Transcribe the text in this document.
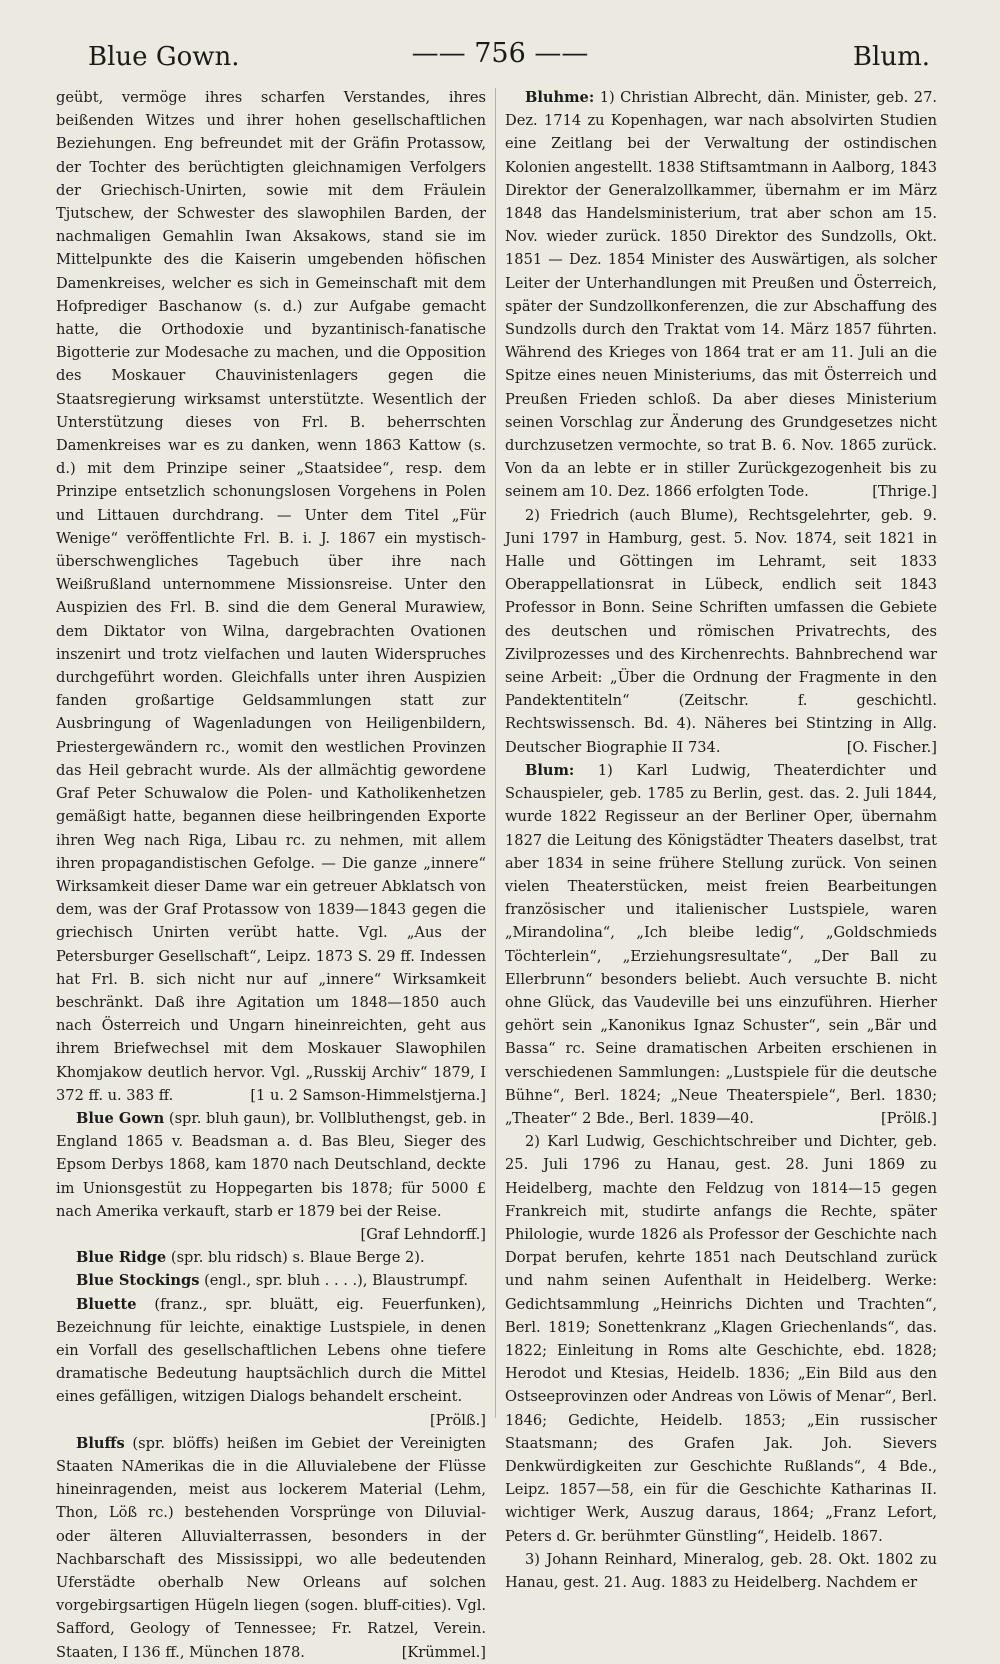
Blue Gown.	—— 756 ——	Blum.

geübt, vermöge ihres scharfen Verstandes, ihres beißenden Witzes und ihrer hohen gesellschaftlichen Beziehungen. Eng befreundet mit der Gräfin Protassow, der Tochter des berüchtigten gleichnamigen Verfolgers der Griechisch-Unirten, sowie mit dem Fräulein Tjutschew, der Schwester des slawophilen Barden, der nachmaligen Gemahlin Iwan Aksakows, stand sie im Mittelpunkte des die Kaiserin umgebenden höfischen Damenkreises, welcher es sich in Gemeinschaft mit dem Hofprediger Baschanow (s. d.) zur Aufgabe gemacht hatte, die Orthodoxie und byzantinisch-fanatische Bigotterie zur Modesache zu machen, und die Opposition des Moskauer Chauvinistenlagers gegen die Staatsregierung wirksamst unterstützte. Wesentlich der Unterstützung dieses von Frl. B. beherrschten Damenkreises war es zu danken, wenn 1863 Kattow (s. d.) mit dem Prinzipe seiner „Staatsidee“, resp. dem Prinzipe entsetzlich schonungslosen Vorgehens in Polen und Littauen durchdrang. — Unter dem Titel „Für Wenige“ veröffentlichte Frl. B. i. J. 1867 ein mystisch-überschwengliches Tagebuch über ihre nach Weißrußland unternommene Missionsreise. Unter den Auspizien des Frl. B. sind die dem General Murawiew, dem Diktator von Wilna, dargebrachten Ovationen inszenirt und trotz vielfachen und lauten Widerspruches durchgeführt worden. Gleichfalls unter ihren Auspizien fanden großartige Geldsammlungen statt zur Ausbringung of Wagenladungen von Heiligenbildern, Priestergewändern rc., womit den westlichen Provinzen das Heil gebracht wurde. Als der allmächtig gewordene Graf Peter Schuwalow die Polen- und Katholikenhetzen gemäßigt hatte, begannen diese heilbringenden Exporte ihren Weg nach Riga, Libau rc. zu nehmen, mit allem ihren propagandistischen Gefolge. — Die ganze „innere“ Wirksamkeit dieser Dame war ein getreuer Abklatsch von dem, was der Graf Protassow von 1839—1843 gegen die griechisch Unirten verübt hatte. Vgl. „Aus der Petersburger Gesellschaft“, Leipz. 1873 S. 29 ff. Indessen hat Frl. B. sich nicht nur auf „innere“ Wirksamkeit beschränkt. Daß ihre Agitation um 1848—1850 auch nach Österreich und Ungarn hineinreichten, geht aus ihrem Briefwechsel mit dem Moskauer Slawophilen Khomjakow deutlich hervor. Vgl. „Russkij Archiv“ 1879, I 372 ff. u. 383 ff.	[1 u. 2 Samson-Himmelstjerna.]

Blue Gown (spr. bluh gaun), br. Vollbluthengst, geb. in England 1865 v. Beadsman a. d. Bas Bleu, Sieger des Epsom Derbys 1868, kam 1870 nach Deutschland, deckte im Unionsgestüt zu Hoppegarten bis 1878; für 5000 £ nach Amerika verkauft, starb er 1879 bei der Reise.
[Graf Lehndorff.]

Blue Ridge (spr. blu ridsch) s. Blaue Berge 2).

Blue Stockings (engl., spr. bluh . . . .), Blaustrumpf.

Bluette (franz., spr. bluätt, eig. Feuerfunken), Bezeichnung für leichte, einaktige Lustspiele, in denen ein Vorfall des gesellschaftlichen Lebens ohne tiefere dramatische Bedeutung hauptsächlich durch die Mittel eines gefälligen, witzigen Dialogs behandelt erscheint.
[Prölß.]

Bluffs (spr. blöffs) heißen im Gebiet der Vereinigten Staaten NAmerikas die in die Alluvialebene der Flüsse hineinragenden, meist aus lockerem Material (Lehm, Thon, Löß rc.) bestehenden Vorsprünge von Diluvial- oder älteren Alluvialterrassen, besonders in der Nachbarschaft des Mississippi, wo alle bedeutenden Uferstädte oberhalb New Orleans auf solchen vorgebirgsartigen Hügeln liegen (sogen. bluff-cities). Vgl. Safford, Geology of Tennessee; Fr. Ratzel, Verein. Staaten, I 136 ff., München 1878.	[Krümmel.]

Bluhme: 1) Christian Albrecht, dän. Minister, geb. 27. Dez. 1714 zu Kopenhagen, war nach absolvirten Studien eine Zeitlang bei der Verwaltung der ostindischen Kolonien angestellt. 1838 Stiftsamtmann in Aalborg, 1843 Direktor der Generalzollkammer, übernahm er im März 1848 das Handelsministerium, trat aber schon am 15. Nov. wieder zurück. 1850 Direktor des Sundzolls, Okt. 1851 — Dez. 1854 Minister des Auswärtigen, als solcher Leiter der Unterhandlungen mit Preußen und Österreich, später der Sundzollkonferenzen, die zur Abschaffung des Sundzolls durch den Traktat vom 14. März 1857 führten. Während des Krieges von 1864 trat er am 11. Juli an die Spitze eines neuen Ministeriums, das mit Österreich und Preußen Frieden schloß. Da aber dieses Ministerium seinen Vorschlag zur Änderung des Grundgesetzes nicht durchzusetzen vermochte, so trat B. 6. Nov. 1865 zurück. Von da an lebte er in stiller Zurückgezogenheit bis zu seinem am 10. Dez. 1866 erfolgten Tode.	[Thrige.]

2) Friedrich (auch Blume), Rechtsgelehrter, geb. 9. Juni 1797 in Hamburg, gest. 5. Nov. 1874, seit 1821 in Halle und Göttingen im Lehramt, seit 1833 Oberappellationsrat in Lübeck, endlich seit 1843 Professor in Bonn. Seine Schriften umfassen die Gebiete des deutschen und römischen Privatrechts, des Zivilprozesses und des Kirchenrechts. Bahnbrechend war seine Arbeit: „Über die Ordnung der Fragmente in den Pandektentiteln“ (Zeitschr. f. geschichtl. Rechtswissensch. Bd. 4). Näheres bei Stintzing in Allg. Deutscher Biographie II 734.	[O. Fischer.]

Blum: 1) Karl Ludwig, Theaterdichter und Schauspieler, geb. 1785 zu Berlin, gest. das. 2. Juli 1844, wurde 1822 Regisseur an der Berliner Oper, übernahm 1827 die Leitung des Königstädter Theaters daselbst, trat aber 1834 in seine frühere Stellung zurück. Von seinen vielen Theaterstücken, meist freien Bearbeitungen französischer und italienischer Lustspiele, waren „Mirandolina“, „Ich bleibe ledig“, „Goldschmieds Töchterlein“, „Erziehungsresultate“, „Der Ball zu Ellerbrunn“ besonders beliebt. Auch versuchte B. nicht ohne Glück, das Vaudeville bei uns einzuführen. Hierher gehört sein „Kanonikus Ignaz Schuster“, sein „Bär und Bassa“ rc. Seine dramatischen Arbeiten erschienen in verschiedenen Sammlungen: „Lustspiele für die deutsche Bühne“, Berl. 1824; „Neue Theaterspiele“, Berl. 1830; „Theater“ 2 Bde., Berl. 1839—40.	[Prölß.]

2) Karl Ludwig, Geschichtschreiber und Dichter, geb. 25. Juli 1796 zu Hanau, gest. 28. Juni 1869 zu Heidelberg, machte den Feldzug von 1814—15 gegen Frankreich mit, studirte anfangs die Rechte, später Philologie, wurde 1826 als Professor der Geschichte nach Dorpat berufen, kehrte 1851 nach Deutschland zurück und nahm seinen Aufenthalt in Heidelberg. Werke: Gedichtsammlung „Heinrichs Dichten und Trachten“, Berl. 1819; Sonettenkranz „Klagen Griechenlands“, das. 1822; Einleitung in Roms alte Geschichte, ebd. 1828; Herodot und Ktesias, Heidelb. 1836; „Ein Bild aus den Ostseeprovinzen oder Andreas von Löwis of Menar“, Berl. 1846; Gedichte, Heidelb. 1853; „Ein russischer Staatsmann; des Grafen Jak. Joh. Sievers Denkwürdigkeiten zur Geschichte Rußlands“, 4 Bde., Leipz. 1857—58, ein für die Geschichte Katharinas II. wichtiger Werk, Auszug daraus, 1864; „Franz Lefort, Peters d. Gr. berühmter Günstling“, Heidelb. 1867.

3) Johann Reinhard, Mineralog, geb. 28. Okt. 1802 zu Hanau, gest. 21. Aug. 1883 zu Heidelberg. Nachdem er
